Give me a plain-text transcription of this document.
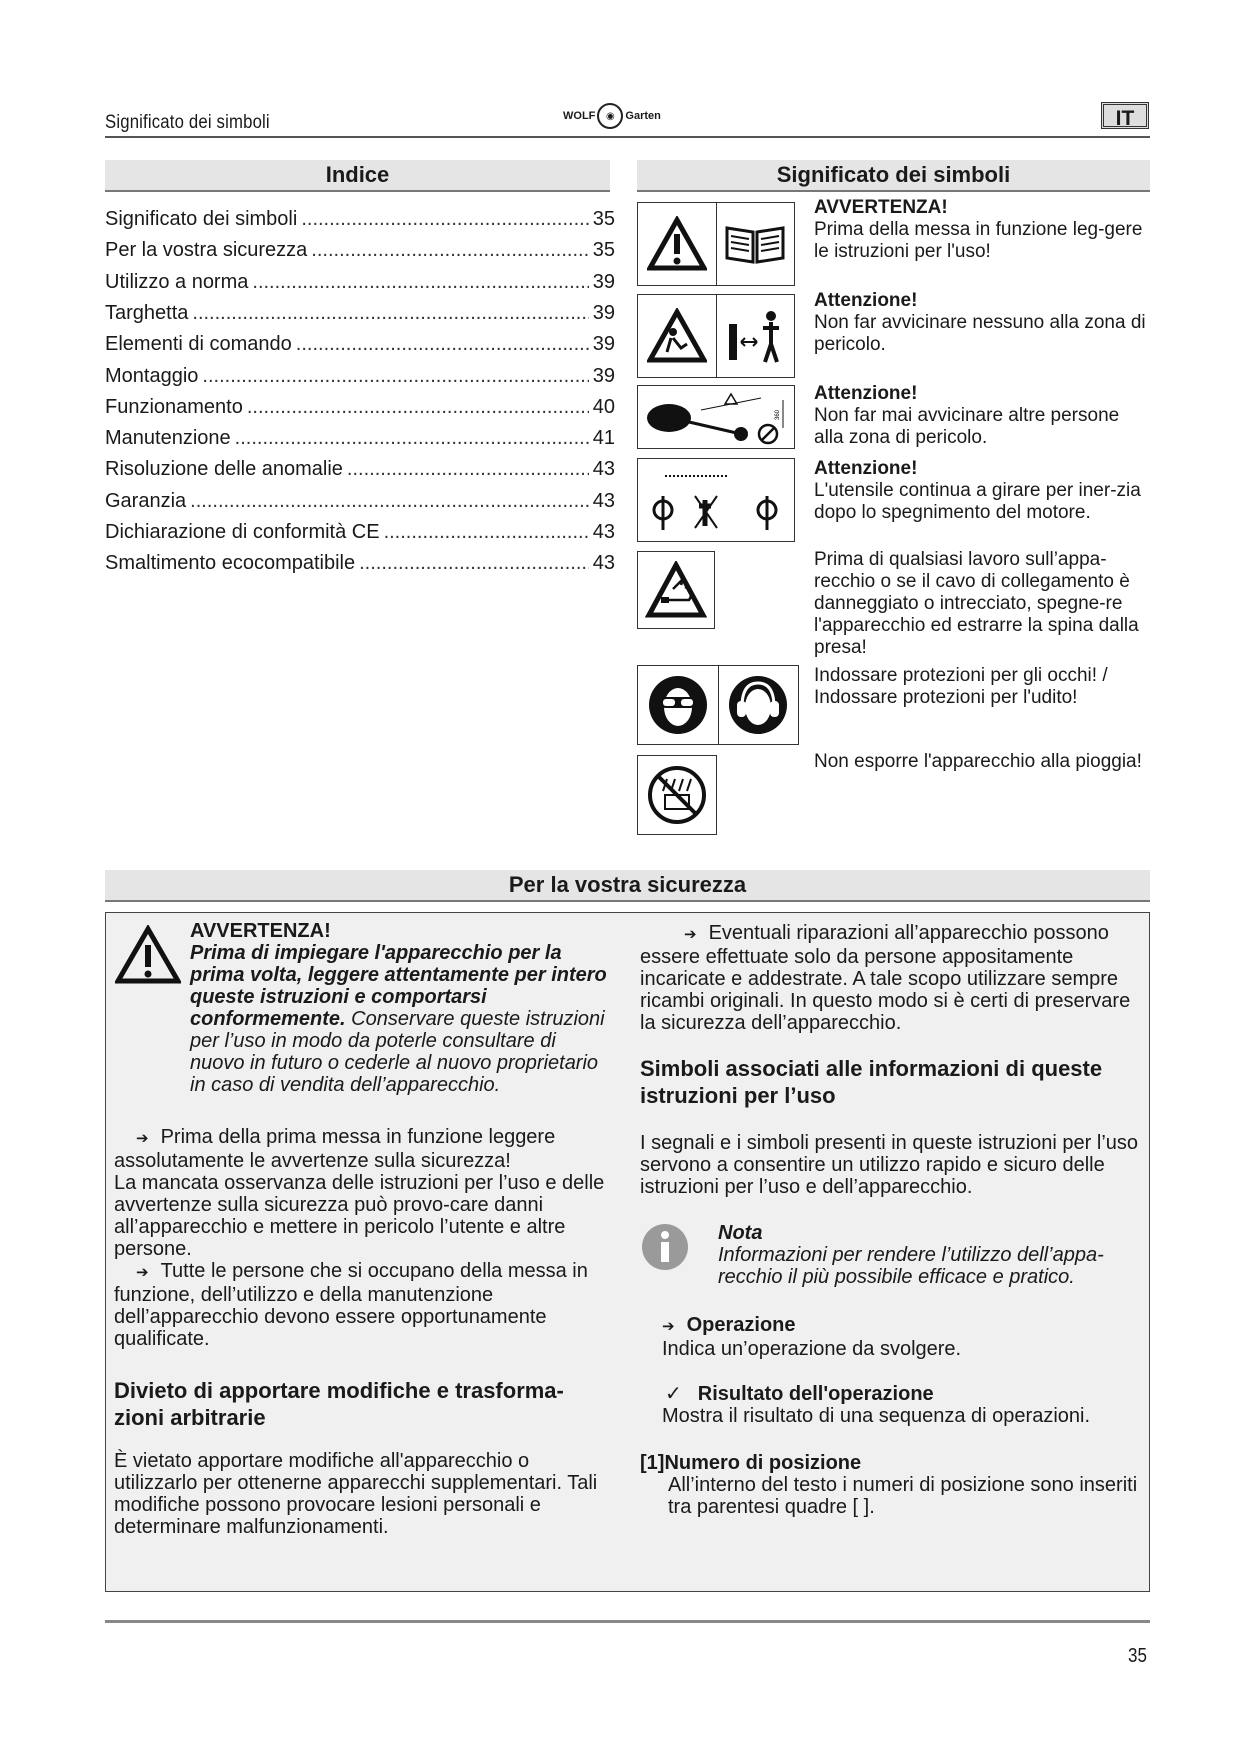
Significato dei simboli	WOLF	◉ Garten	IT
Indice
Significato dei simboli .....	35
Per la vostra sicurezza .....	35
Utilizzo a norma .....	39
Targhetta .....	39
Elementi di comando .....	39
Montaggio .....	39
Funzionamento .....	40
Manutenzione .....	41
Risoluzione delle anomalie .....	43
Garanzia .....	43
Dichiarazione di conformità CE .....	43
Smaltimento ecocompatibile .....	43
Significato dei simboli
AVVERTENZA!
Prima della messa in funzione leg-gere le istruzioni per l'uso!
Attenzione!
Non far avvicinare nessuno alla zona di pericolo.
360
Attenzione!
Non far mai avvicinare altre persone alla zona di pericolo.
Attenzione!
L'utensile continua a girare per iner-zia dopo lo spegnimento del motore.
Prima di qualsiasi lavoro sull’appa-recchio o se il cavo di collegamento è danneggiato o intrecciato, spegne-re l'apparecchio ed estrarre la spina dalla presa!
Indossare protezioni per gli occhi! / Indossare protezioni per l'udito!
Non esporre l'apparecchio alla pioggia!
Per la vostra sicurezza
AVVERTENZA!
Prima di impiegare l'apparecchio per la prima volta, leggere attentamente per intero queste istruzioni e comportarsi conformemente. Conservare queste istruzioni per l’uso in modo da poterle consultare di nuovo in futuro o cederle al nuovo proprietario in caso di vendita dell’apparecchio.
➔ Prima della prima messa in funzione leggere assolutamente le avvertenze sulla sicurezza!
La mancata osservanza delle istruzioni per l’uso e delle avvertenze sulla sicurezza può provo-care danni all’apparecchio e mettere in pericolo l’utente e altre persone.
➔ Tutte le persone che si occupano della messa in funzione, dell’utilizzo e della manutenzione dell’apparecchio devono essere opportunamente qualificate.
Divieto di apportare modifiche e trasforma-zioni arbitrarie
È vietato apportare modifiche all'apparecchio o utilizzarlo per ottenerne apparecchi supplementari. Tali modifiche possono provocare lesioni personali e determinare malfunzionamenti.
➔ Eventuali riparazioni all’apparecchio possono essere effettuate solo da persone appositamente incaricate e addestrate. A tale scopo utilizzare sempre ricambi originali. In questo modo si è certi di preservare la sicurezza dell’apparecchio.
Simboli associati alle informazioni di queste istruzioni per l’uso
I segnali e i simboli presenti in queste istruzioni per l’uso servono a consentire un utilizzo rapido e sicuro delle istruzioni per l’uso e dell’apparecchio.
Nota
Informazioni per rendere l’utilizzo dell’appa-recchio il più possibile efficace e pratico.
➔ Operazione
Indica un’operazione da svolgere.
✓ Risultato dell'operazione
Mostra il risultato di una sequenza di operazioni.
[1]Numero di posizione
All’interno del testo i numeri di posizione sono inseriti tra parentesi quadre [ ].
35
